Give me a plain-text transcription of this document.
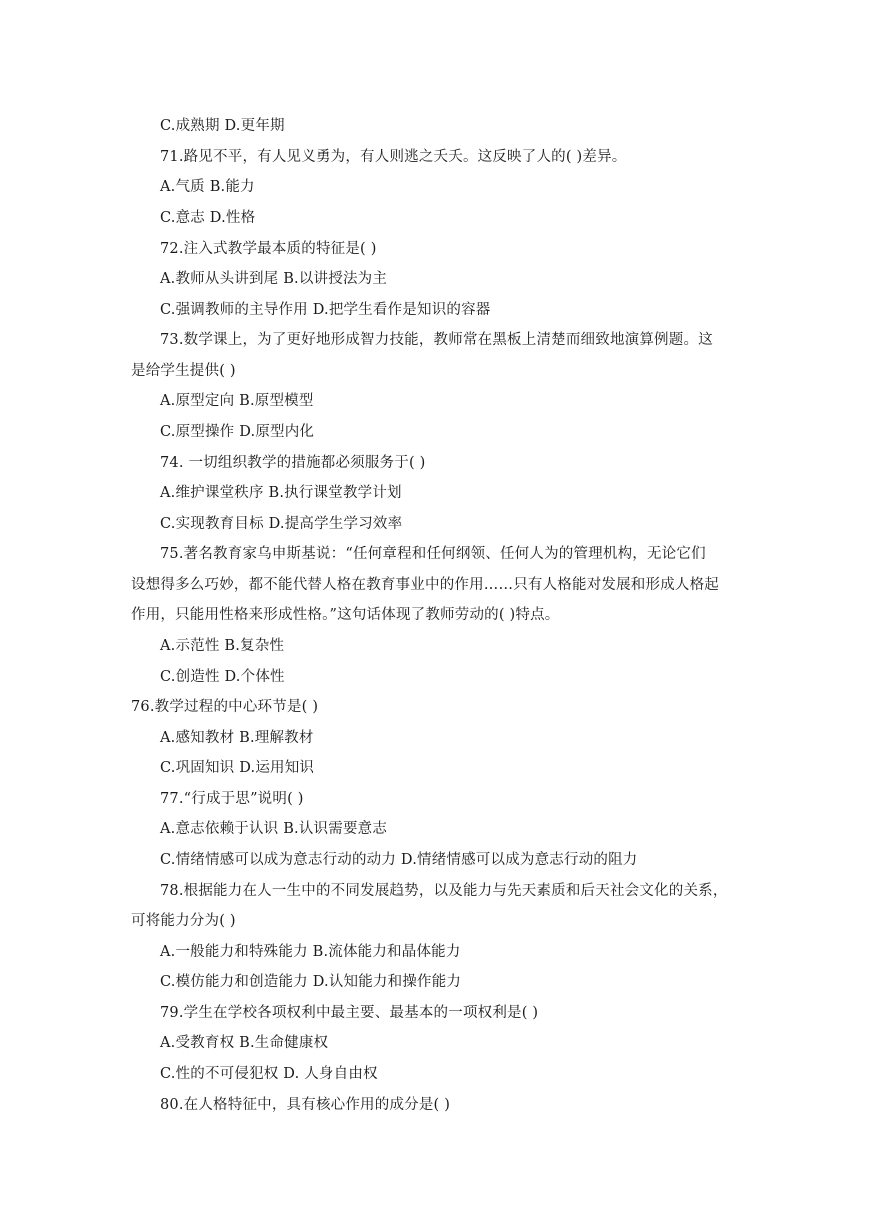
C.成熟期 D.更年期
71.路见不平，有人见义勇为，有人则逃之夭夭。这反映了人的( )差异。
A.气质 B.能力
C.意志 D.性格
72.注入式教学最本质的特征是( )
A.教师从头讲到尾 B.以讲授法为主
C.强调教师的主导作用 D.把学生看作是知识的容器
73.数学课上，为了更好地形成智力技能，教师常在黑板上清楚而细致地演算例题。这
是给学生提供( )
A.原型定向 B.原型模型
C.原型操作 D.原型内化
74. 一切组织教学的措施都必须服务于( )
A.维护课堂秩序 B.执行课堂教学计划
C.实现教育目标 D.提高学生学习效率
75.著名教育家乌申斯基说：“任何章程和任何纲领、任何人为的管理机构，无论它们
设想得多么巧妙，都不能代替人格在教育事业中的作用……只有人格能对发展和形成人格起
作用，只能用性格来形成性格。”这句话体现了教师劳动的( )特点。
A.示范性 B.复杂性
C.创造性 D.个体性
76.教学过程的中心环节是( )
A.感知教材 B.理解教材
C.巩固知识 D.运用知识
77.“行成于思”说明( )
A.意志依赖于认识 B.认识需要意志
C.情绪情感可以成为意志行动的动力 D.情绪情感可以成为意志行动的阻力
78.根据能力在人一生中的不同发展趋势，以及能力与先天素质和后天社会文化的关系，
可将能力分为( )
A.一般能力和特殊能力 B.流体能力和晶体能力
C.模仿能力和创造能力 D.认知能力和操作能力
79.学生在学校各项权利中最主要、最基本的一项权利是( )
A.受教育权 B.生命健康权
C.性的不可侵犯权 D. 人身自由权
80.在人格特征中，具有核心作用的成分是( )
